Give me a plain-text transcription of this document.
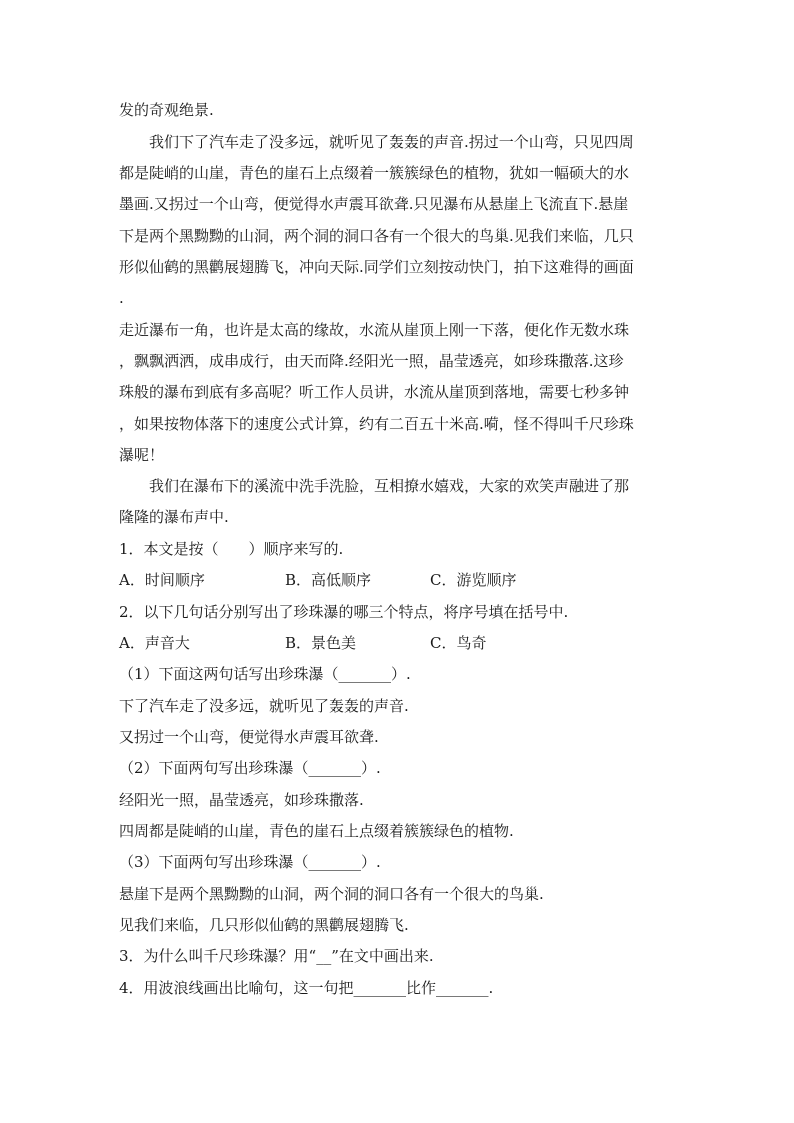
发的奇观绝景.
　　我们下了汽车走了没多远，就听见了轰轰的声音.拐过一个山弯，只见四周
都是陡峭的山崖，青色的崖石上点缀着一簇簇绿色的植物，犹如一幅硕大的水
墨画.又拐过一个山弯，便觉得水声震耳欲聋.只见瀑布从悬崖上飞流直下.悬崖
下是两个黑黝黝的山洞，两个洞的洞口各有一个很大的鸟巢.见我们来临，几只
形似仙鹤的黑鹳展翅腾飞，冲向天际.同学们立刻按动快门，拍下这难得的画面
.
走近瀑布一角，也许是太高的缘故，水流从崖顶上刚一下落，便化作无数水珠
，飘飘洒洒，成串成行，由天而降.经阳光一照，晶莹透亮，如珍珠撒落.这珍
珠般的瀑布到底有多高呢？听工作人员讲，水流从崖顶到落地，需要七秒多钟
，如果按物体落下的速度公式计算，约有二百五十米高.嗬，怪不得叫千尺珍珠
瀑呢！
　　我们在瀑布下的溪流中洗手洗脸，互相撩水嬉戏，大家的欢笑声融进了那
隆隆的瀑布声中.
1．本文是按（　　）顺序来写的.
A．时间顺序	B．高低顺序	C．游览顺序
2．以下几句话分别写出了珍珠瀑的哪三个特点，将序号填在括号中.
A．声音大	B．景色美	C．鸟奇
（1）下面这两句话写出珍珠瀑（_______）.
下了汽车走了没多远，就听见了轰轰的声音.
又拐过一个山弯，便觉得水声震耳欲聋.
（2）下面两句写出珍珠瀑（_______）.
经阳光一照，晶莹透亮，如珍珠撒落.
四周都是陡峭的山崖，青色的崖石上点缀着簇簇绿色的植物.
（3）下面两句写出珍珠瀑（_______）.
悬崖下是两个黑黝黝的山洞，两个洞的洞口各有一个很大的鸟巢.
见我们来临，几只形似仙鹤的黑鹳展翅腾飞.
3．为什么叫千尺珍珠瀑？用“__”在文中画出来.
4．用波浪线画出比喻句，这一句把_______比作_______.
